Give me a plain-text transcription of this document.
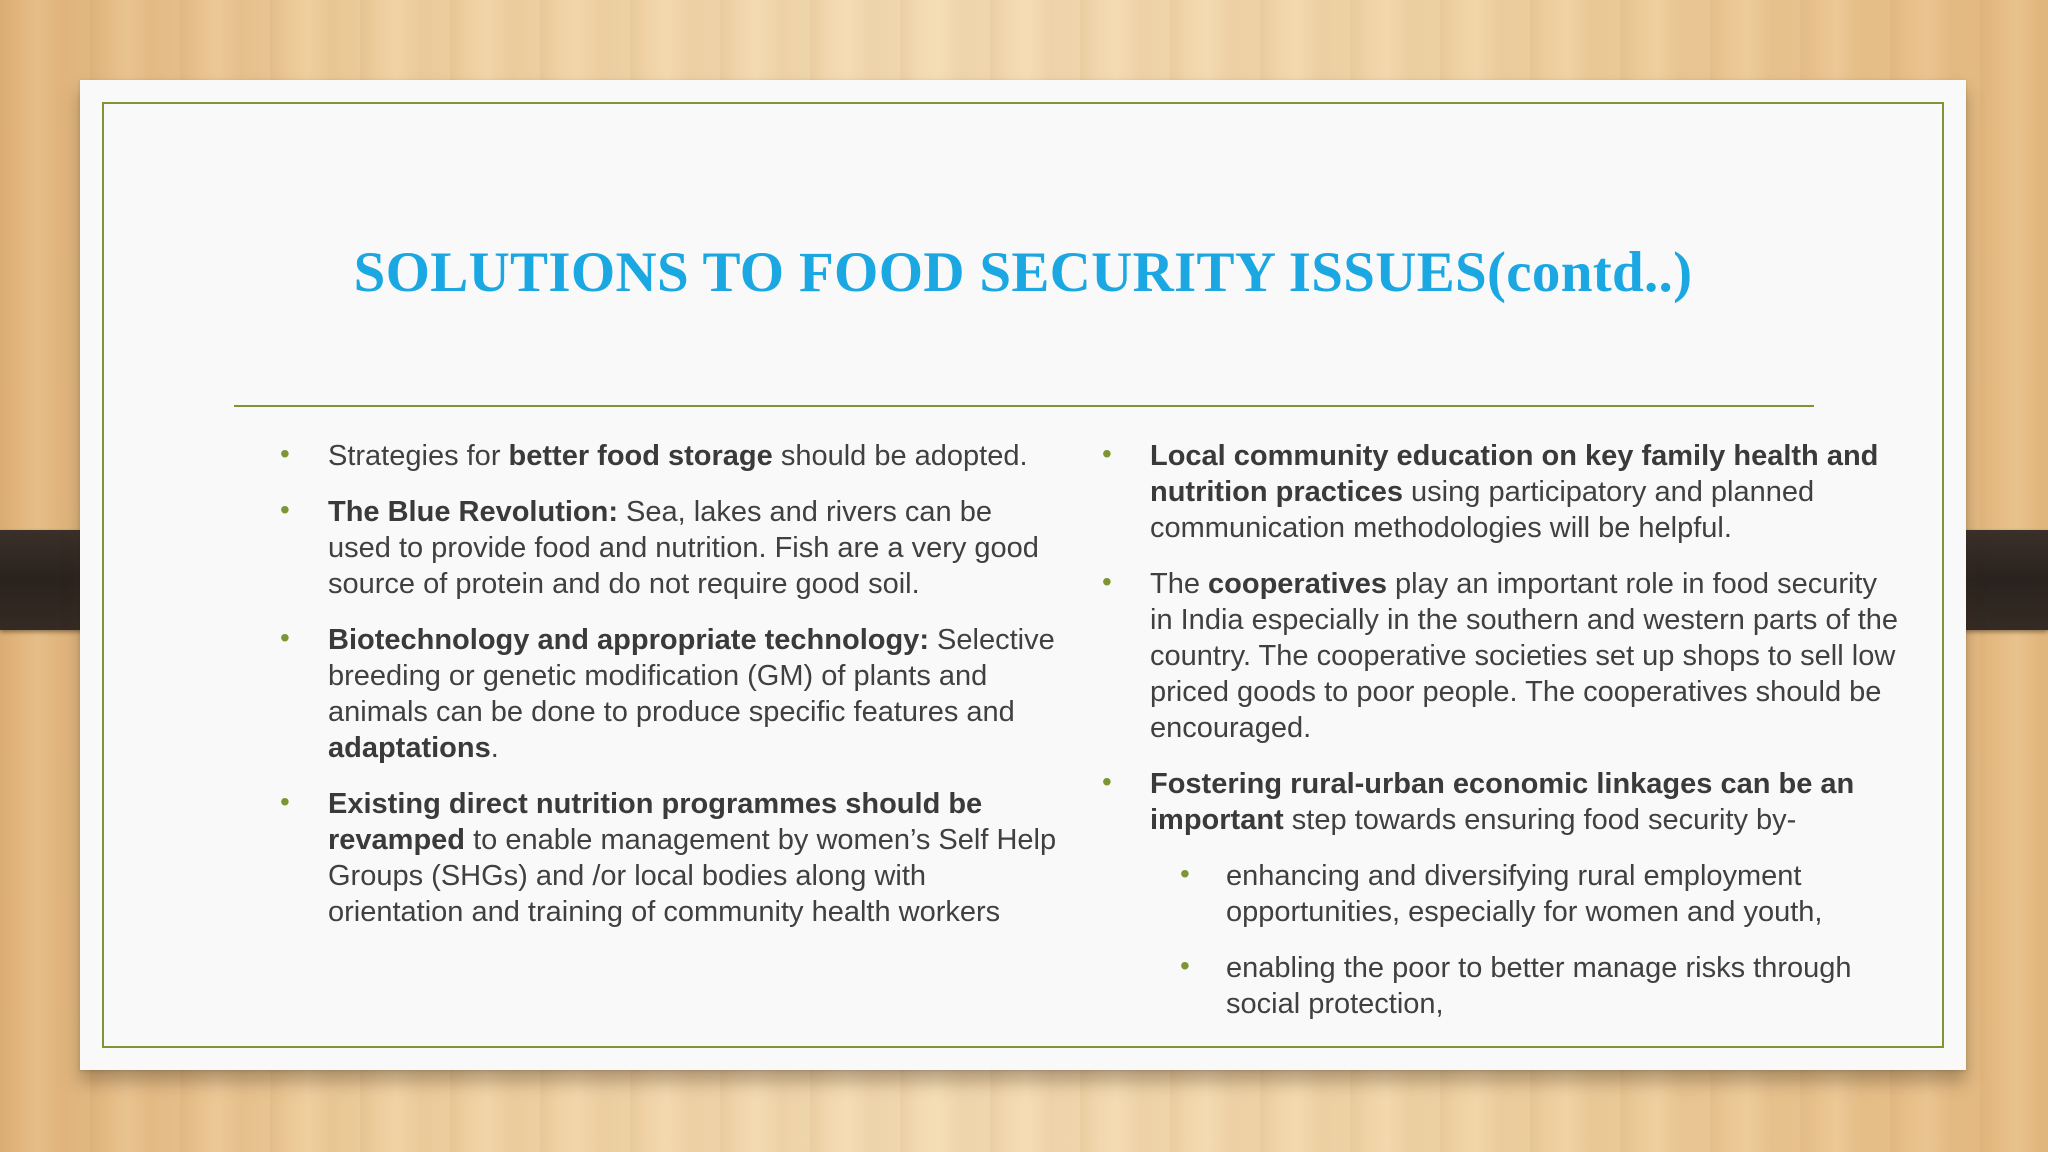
SOLUTIONS TO FOOD SECURITY ISSUES(contd..)
• Strategies for better food storage should be adopted.
• The Blue Revolution: Sea, lakes and rivers can be used to provide food and nutrition. Fish are a very good source of protein and do not require good soil.
• Biotechnology and appropriate technology: Selective breeding or genetic modification (GM) of plants and animals can be done to produce specific features and adaptations.
• Existing direct nutrition programmes should be revamped to enable management by women’s Self Help Groups (SHGs) and /or local bodies along with orientation and training of community health workers
• Local community education on key family health and nutrition practices using participatory and planned communication methodologies will be helpful.
• The cooperatives play an important role in food security in India especially in the southern and western parts of the country. The cooperative societies set up shops to sell low priced goods to poor people. The cooperatives should be encouraged.
• Fostering rural-urban economic linkages can be an important step towards ensuring food security by-
• enhancing and diversifying rural employment opportunities, especially for women and youth,
• enabling the poor to better manage risks through social protection,
